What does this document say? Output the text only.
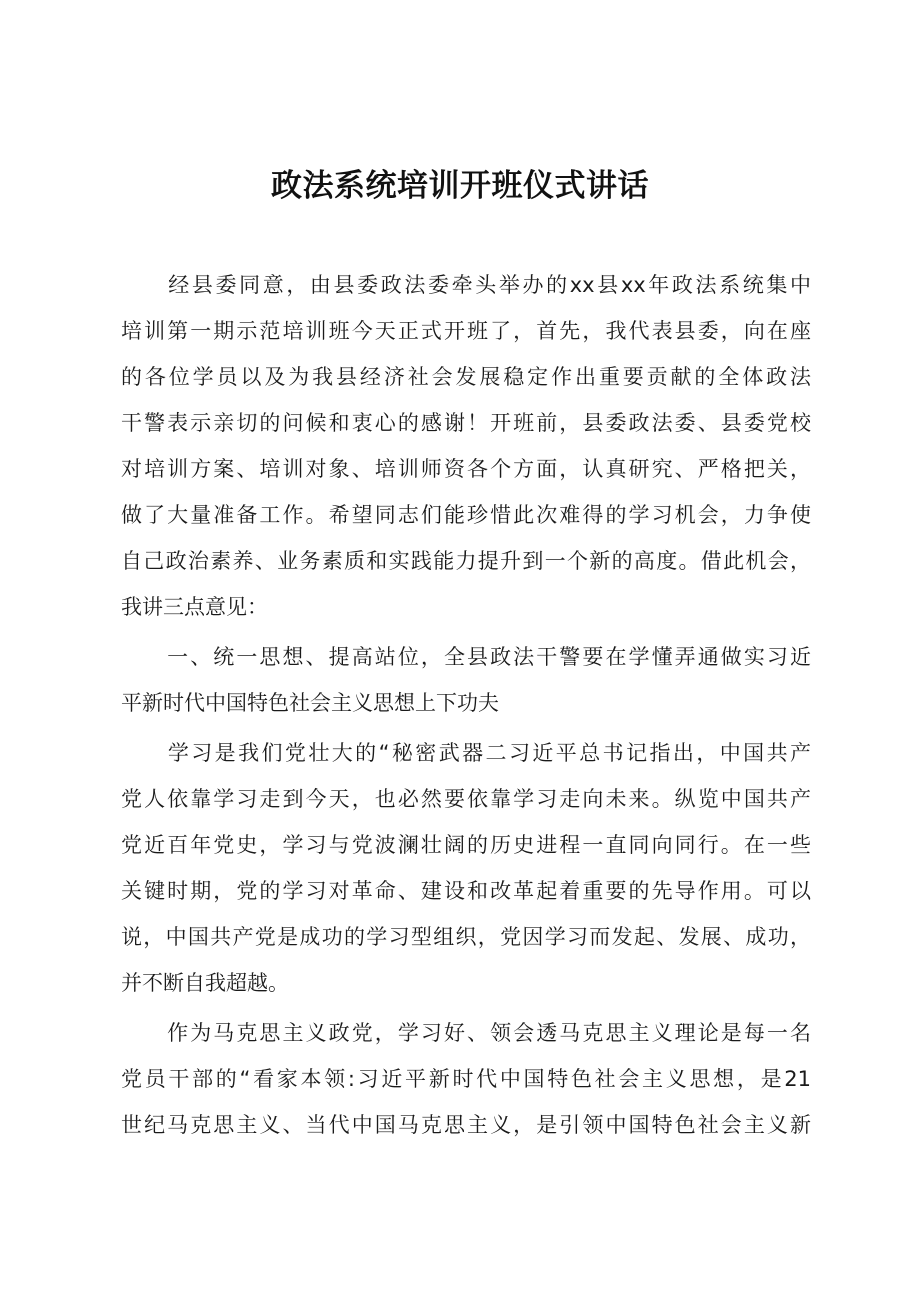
政法系统培训开班仪式讲话
　　经县委同意，由县委政法委牵头举办的xx县xx年政法系统集中
培训第一期示范培训班今天正式开班了，首先，我代表县委，向在座
的各位学员以及为我县经济社会发展稳定作出重要贡献的全体政法
干警表示亲切的问候和衷心的感谢！开班前，县委政法委、县委党校
对培训方案、培训对象、培训师资各个方面，认真研究、严格把关，
做了大量准备工作。希望同志们能珍惜此次难得的学习机会，力争使
自己政治素养、业务素质和实践能力提升到一个新的高度。借此机会，
我讲三点意见：
　　一、统一思想、提高站位，全县政法干警要在学懂弄通做实习近
平新时代中国特色社会主义思想上下功夫
　　学习是我们党壮大的“秘密武器二习近平总书记指出，中国共产
党人依靠学习走到今天，也必然要依靠学习走向未来。纵览中国共产
党近百年党史，学习与党波澜壮阔的历史进程一直同向同行。在一些
关键时期，党的学习对革命、建设和改革起着重要的先导作用。可以
说，中国共产党是成功的学习型组织，党因学习而发起、发展、成功，
并不断自我超越。
　　作为马克思主义政党，学习好、领会透马克思主义理论是每一名
党员干部的“看家本领:习近平新时代中国特色社会主义思想，是21
世纪马克思主义、当代中国马克思主义，是引领中国特色社会主义新
